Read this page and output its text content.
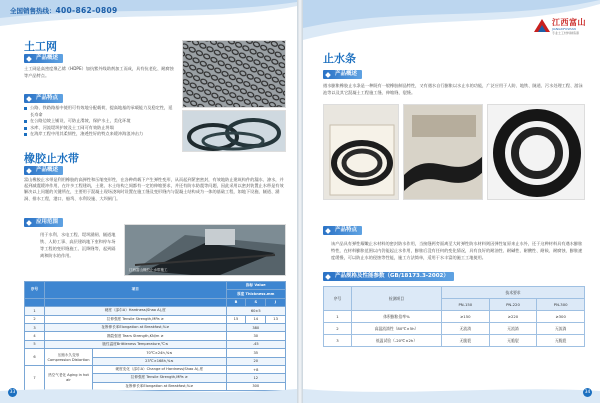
全国销售热线：400-862-0809
土工网
产品概述
土工网是高密度聚乙烯（HDPE）加抗紫外线助剂加工而成，具有抗老化、耐腐蚀等产品特点。
产品特点
公路、铁路路基中使用可有效地分配载荷，提高地基的承载能力及稳定性，延长寿命
在公路边坡上铺设，可防止滑坡，保护水土，美化环境
水库、河流堤坝护坡及土工网可有效防止坍塌
在海岸工程中用其柔韧性，渗透性好的特点来缓冲海浪冲击力
橡胶止水带
产品概述
富山橡胶止水带是利用橡胶的高弹性和压缩变形性，在各种荷载下产生弹性变形，从而起到紧密密封，有效地防止建筑构件的漏水、渗水，并起到减震缓冲作用，在许多工程建筑，土建、水土结构之间都有一定的伸缩要求，并还有防水防震等问题，因此采用以密封装置止水带是有效解决以上问题的关键所在，主要用于混凝土现场浇筑时设置在施工缝及变形缝内与混凝土结构成为一体的基础工程，如地下设施、隧道、涵洞、排水工程，港口、船坞、水利设施、大坝闸门。
应用范围
用于水利、水电工程、堤坝涵闸、隧道地铁、人防工事、高层建筑地下室和停车场等工程的变形缝施工、沉降缝等，起到隔离和防水的作用。
江西富山橡胶止水带施工
序号	项目		指标 Value		
			厚度 Thickness.mm		
			B	S	J
1	硬度（邵尔A）Hardness(Shao A),度		60±5		
2	拉伸强度 Tensile Strength,MPa ≥		15	14	13
3	扯断伸长率Elongation at Breakfast,%≥		380		
4	撕裂强度 Tears Strength,KN/m ≥		30		
5	脆性温度Brittleness Temperature,℃≤		-45		
6	压缩永久变形 Compression Distortion	70℃×24h,%≤	35		
		23℃×168h,%≤	20		
7	热空气老化 Aging in hot air	硬度变化（邵尔A）Change of Hardness(Shao A),度	+8		
		拉伸强度 Tensile Strength,MPa ≥	12		
		扯断伸长率Elongation at Breakfast,%≥	300		
33
江西富山
JIANGXIFUSHAN
专业土工材料制造商
止水条
产品概述
遇水膨胀橡胶止水条是一种既有一般橡胶制品特性，又有遇水自行膨胀以水止水的功能，广泛应用于人防、地铁、隧道、污水处理工程、游泳池等以及其它混凝土工程施工缝、伸缩缝、裂缝。
产品特点
该产品具有弹性耀嫩止水材料的密封防水作用，当接缝两旁面离至大时弹性防水材料则因弹性复原来止水外，还于这种材料具有遇水膨胀特性，在材料膨胀范围以内仍能起止水作用，膨胀后没有任何的变化情况，具有良好的耐油性、耐碱性、耐酸性、耐候、耐腐蚀、膨胀速度缓慢，可以防止水的侵蚀等性能，施工方法简单，适用于水丰富的施工工地使用。
产品规格及性能参数（GB/18173.3-2002）
序号	检测项目	技术要求		
		PN-150	PN-220	PN-300
1	体积膨胀倍率%	≥150	≥220	≥300
2	高温流淌性（80℃×5h）	无流淌	无流淌	无流淌
3	低温试验（-20℃×2h）	无脆裂	无脆裂	无脆裂
34
